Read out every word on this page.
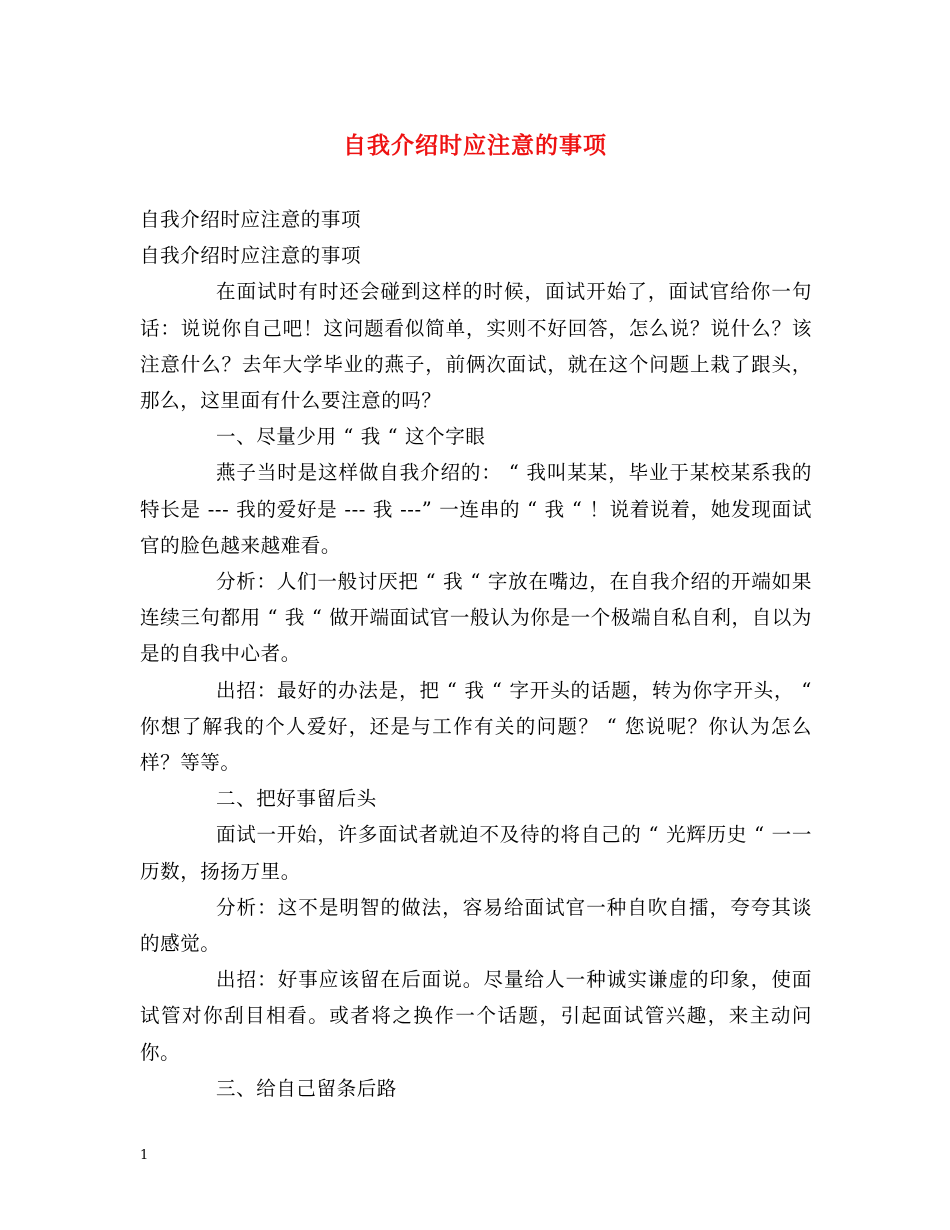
自我介绍时应注意的事项

自我介绍时应注意的事项

自我介绍时应注意的事项

在面试时有时还会碰到这样的时候，面试开始了，面试官给你一句话：说说你自己吧！这问题看似简单，实则不好回答，怎么说？说什么？该注意什么？去年大学毕业的燕子，前俩次面试，就在这个问题上栽了跟头，那么，这里面有什么要注意的吗？

一、尽量少用 “ 我 “ 这个字眼

燕子当时是这样做自我介绍的： “ 我叫某某，毕业于某校某系我的特长是 --- 我的爱好是 --- 我 ---” 一连串的 “ 我 “ ！说着说着，她发现面试官的脸色越来越难看。

分析：人们一般讨厌把 “ 我 “ 字放在嘴边，在自我介绍的开端如果连续三句都用 “ 我 “ 做开端面试官一般认为你是一个极端自私自利，自以为是的自我中心者。

出招：最好的办法是，把 “ 我 “ 字开头的话题，转为你字开头， “ 你想了解我的个人爱好，还是与工作有关的问题？ “ 您说呢？你认为怎么样？等等。

二、把好事留后头

面试一开始，许多面试者就迫不及待的将自己的 “ 光辉历史 “ 一一历数，扬扬万里。

分析：这不是明智的做法，容易给面试官一种自吹自擂，夸夸其谈的感觉。

出招：好事应该留在后面说。尽量给人一种诚实谦虚的印象，使面试管对你刮目相看。或者将之换作一个话题，引起面试管兴趣，来主动问你。

三、给自己留条后路

1
